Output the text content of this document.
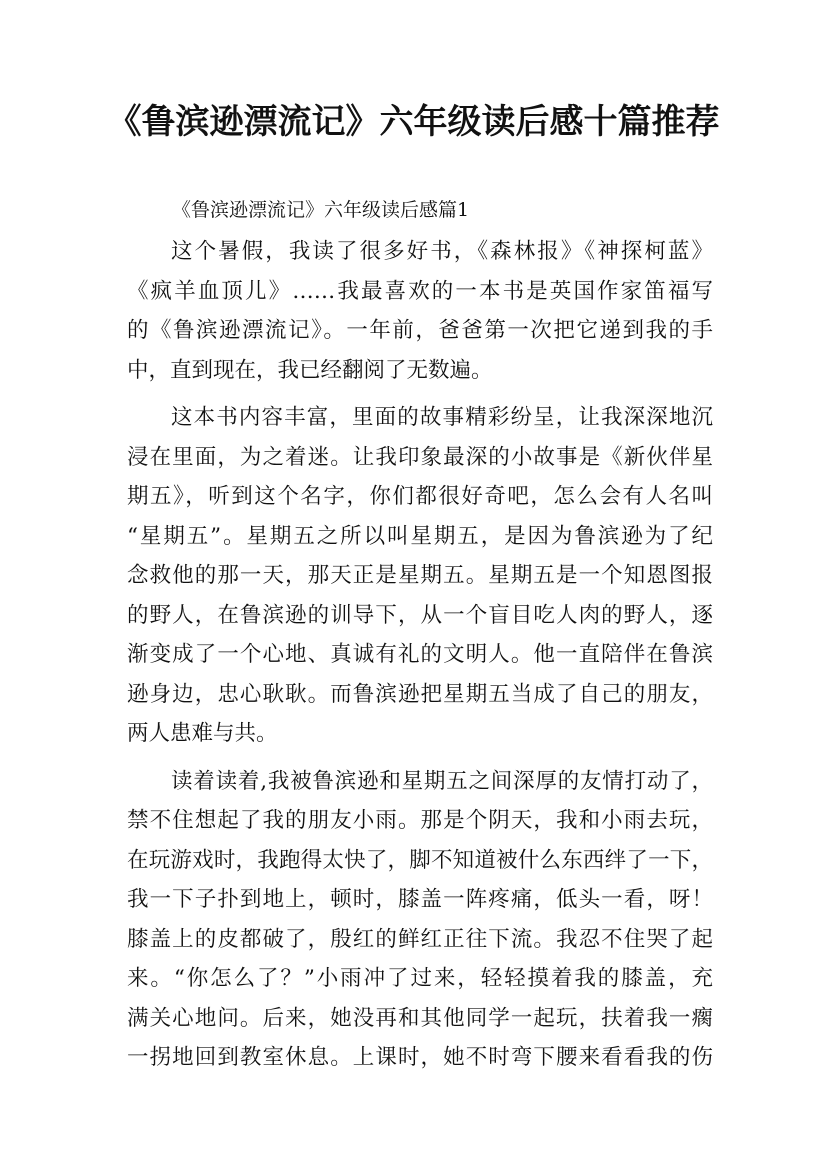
《鲁滨逊漂流记》六年级读后感十篇推荐
《鲁滨逊漂流记》六年级读后感篇1
这个暑假，我读了很多好书，《森林报》《神探柯蓝》
《疯羊血顶儿》……我最喜欢的一本书是英国作家笛福写
的《鲁滨逊漂流记》。一年前，爸爸第一次把它递到我的手
中，直到现在，我已经翻阅了无数遍。
这本书内容丰富，里面的故事精彩纷呈，让我深深地沉
浸在里面，为之着迷。让我印象最深的小故事是《新伙伴星
期五》，听到这个名字，你们都很好奇吧，怎么会有人名叫
“星期五”。星期五之所以叫星期五，是因为鲁滨逊为了纪
念救他的那一天，那天正是星期五。星期五是一个知恩图报
的野人，在鲁滨逊的训导下，从一个盲目吃人肉的野人，逐
渐变成了一个心地、真诚有礼的文明人。他一直陪伴在鲁滨
逊身边，忠心耿耿。而鲁滨逊把星期五当成了自己的朋友，
两人患难与共。
读着读着,我被鲁滨逊和星期五之间深厚的友情打动了，
禁不住想起了我的朋友小雨。那是个阴天，我和小雨去玩，
在玩游戏时，我跑得太快了，脚不知道被什么东西绊了一下，
我一下子扑到地上，顿时，膝盖一阵疼痛，低头一看，呀！
膝盖上的皮都破了，殷红的鲜红正往下流。我忍不住哭了起
来。“你怎么了？”小雨冲了过来，轻轻摸着我的膝盖，充
满关心地问。后来，她没再和其他同学一起玩，扶着我一瘸
一拐地回到教室休息。上课时，她不时弯下腰来看看我的伤
